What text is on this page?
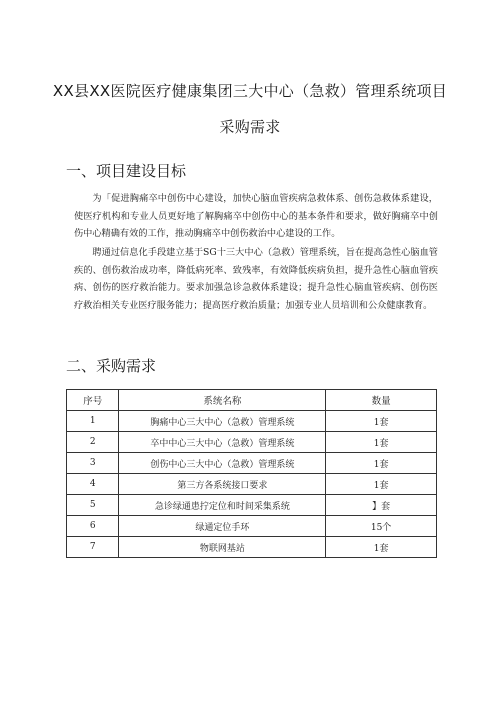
XX县XX医院医疗健康集团三大中心（急救）管理系统项目
采购需求
一、项目建设目标

为「促进胸痛卒中创伤中心建设，加快心脑血管疾病急救体系、创伤急救体系建设，使医疗机构和专业人员更好地了解胸痛卒中创伤中心的基本条件和要求，做好胸痛卒中创伤中心精确有效的工作，推动胸痛卒中创伤救治中心建设的工作。

聘通过信息化手段建立基于SG十三大中心（急救）管理系统，旨在提高急性心脑血管疾的、创伤救治成功率，降低病死率、致残率，有效降低疾病负担，提升急性心脑血管疾病、创伤的医疗救治能力。要求加强急诊急救体系建设；提升急性心脑血管疾病、创伤医疗救治相关专业医疗服务能力；提高医疗救治质量；加强专业人员培训和公众健康教育。

二、采购需求
序号	系统名称	数量
1	胸痛中心三大中心（急救）管理系统	1套
2	卒中中心三大中心（急救）管理系统	1套
3	创伤中心三大中心（急救）管理系统	1套
4	第三方各系统接口要求	1套
5	急诊绿通患拧定位和时间采集系统	】套
6	绿通定位手环	15个
7	物联网基站	1套
